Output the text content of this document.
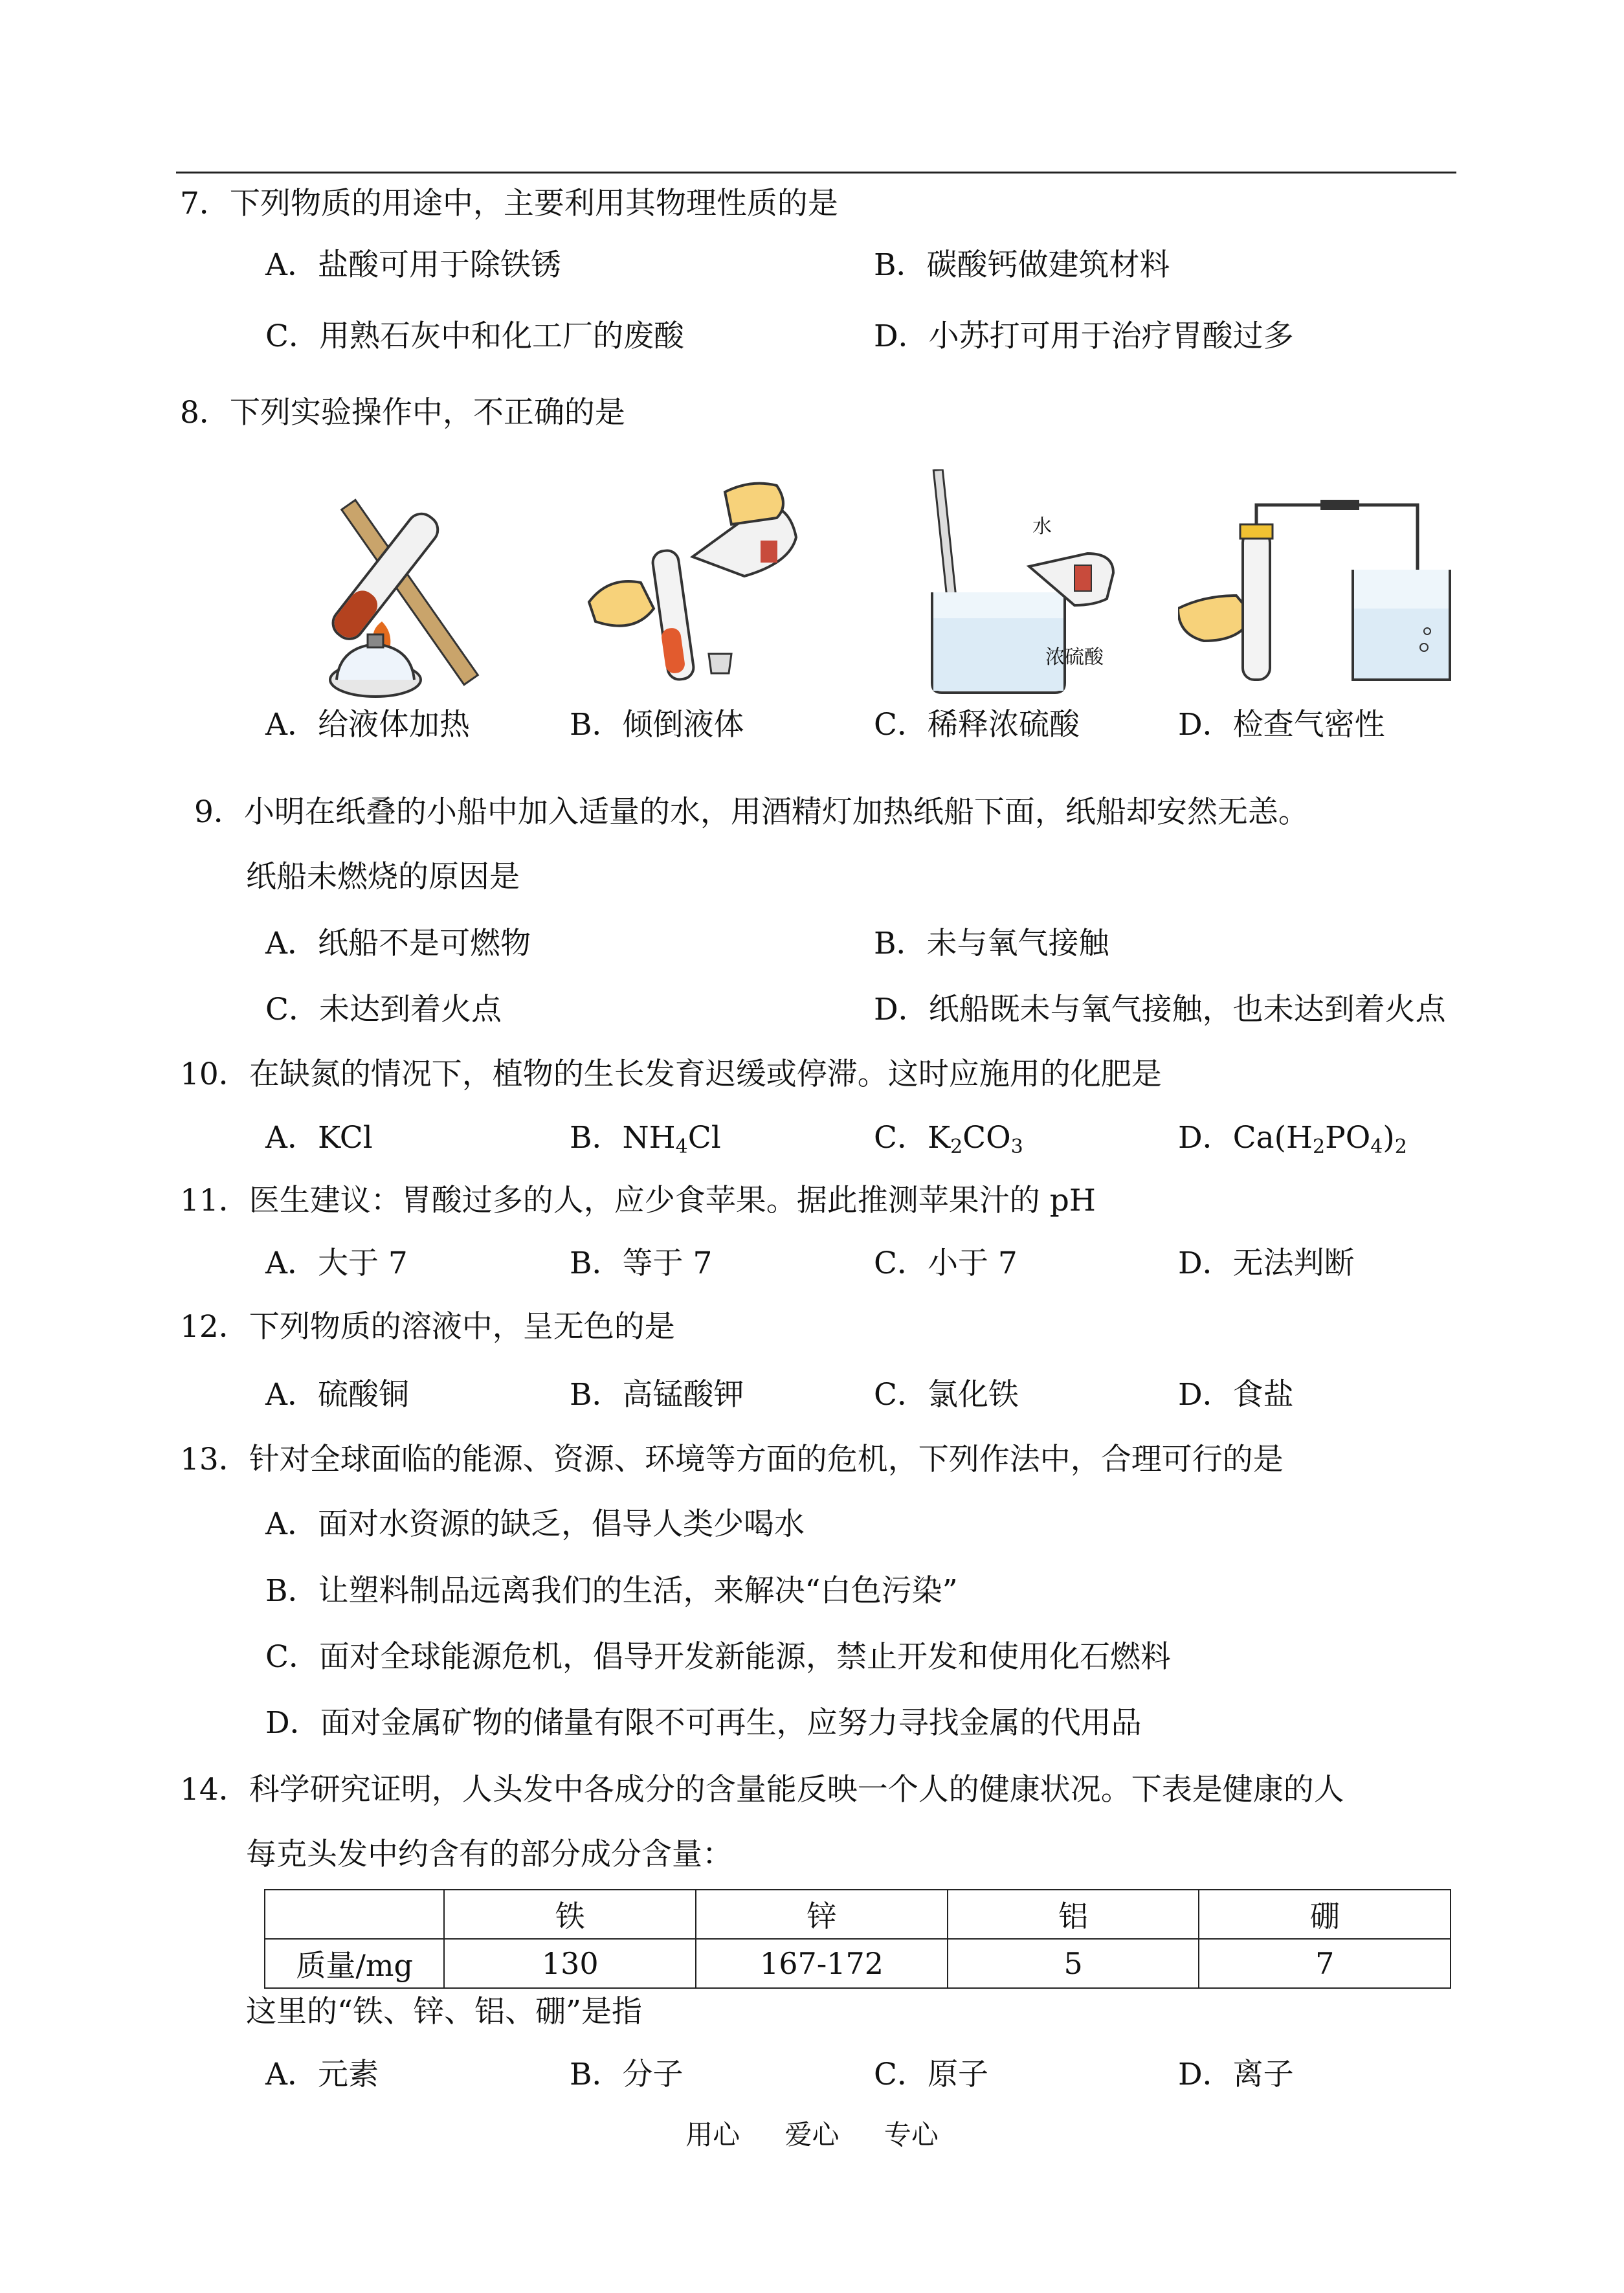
7．下列物质的用途中，主要利用其物理性质的是
A．盐酸可用于除铁锈	B．碳酸钙做建筑材料
C．用熟石灰中和化工厂的废酸	D．小苏打可用于治疗胃酸过多
8．下列实验操作中，不正确的是
水
浓硫酸
A．给液体加热	B．倾倒液体	C．稀释浓硫酸	D．检查气密性
9．小明在纸叠的小船中加入适量的水，用酒精灯加热纸船下面，纸船却安然无恙。
纸船未燃烧的原因是
A．纸船不是可燃物	B．未与氧气接触
C．未达到着火点	D．纸船既未与氧气接触，也未达到着火点
10．在缺氮的情况下，植物的生长发育迟缓或停滞。这时应施用的化肥是
A．KCl	B．$NH_4Cl$	C．$K_2CO_3$	D．$Ca(H_2PO_4)_2$
11．医生建议：胃酸过多的人，应少食苹果。据此推测苹果汁的 pH
A．大于 7	B．等于 7	C．小于 7	D．无法判断
12．下列物质的溶液中，呈无色的是
A．硫酸铜	B．高锰酸钾	C．氯化铁	D．食盐
13．针对全球面临的能源、资源、环境等方面的危机，下列作法中，合理可行的是
A．面对水资源的缺乏，倡导人类少喝水
B．让塑料制品远离我们的生活，来解决“白色污染”
C．面对全球能源危机，倡导开发新能源，禁止开发和使用化石燃料
D．面对金属矿物的储量有限不可再生，应努力寻找金属的代用品
14．科学研究证明，人头发中各成分的含量能反映一个人的健康状况。下表是健康的人
每克头发中约含有的部分成分含量：
	铁	锌	铝	硼
质量/mg	130	167-172	5	7
这里的“铁、锌、铝、硼”是指
A．元素	B．分子	C．原子	D．离子
用心 爱心 专心
